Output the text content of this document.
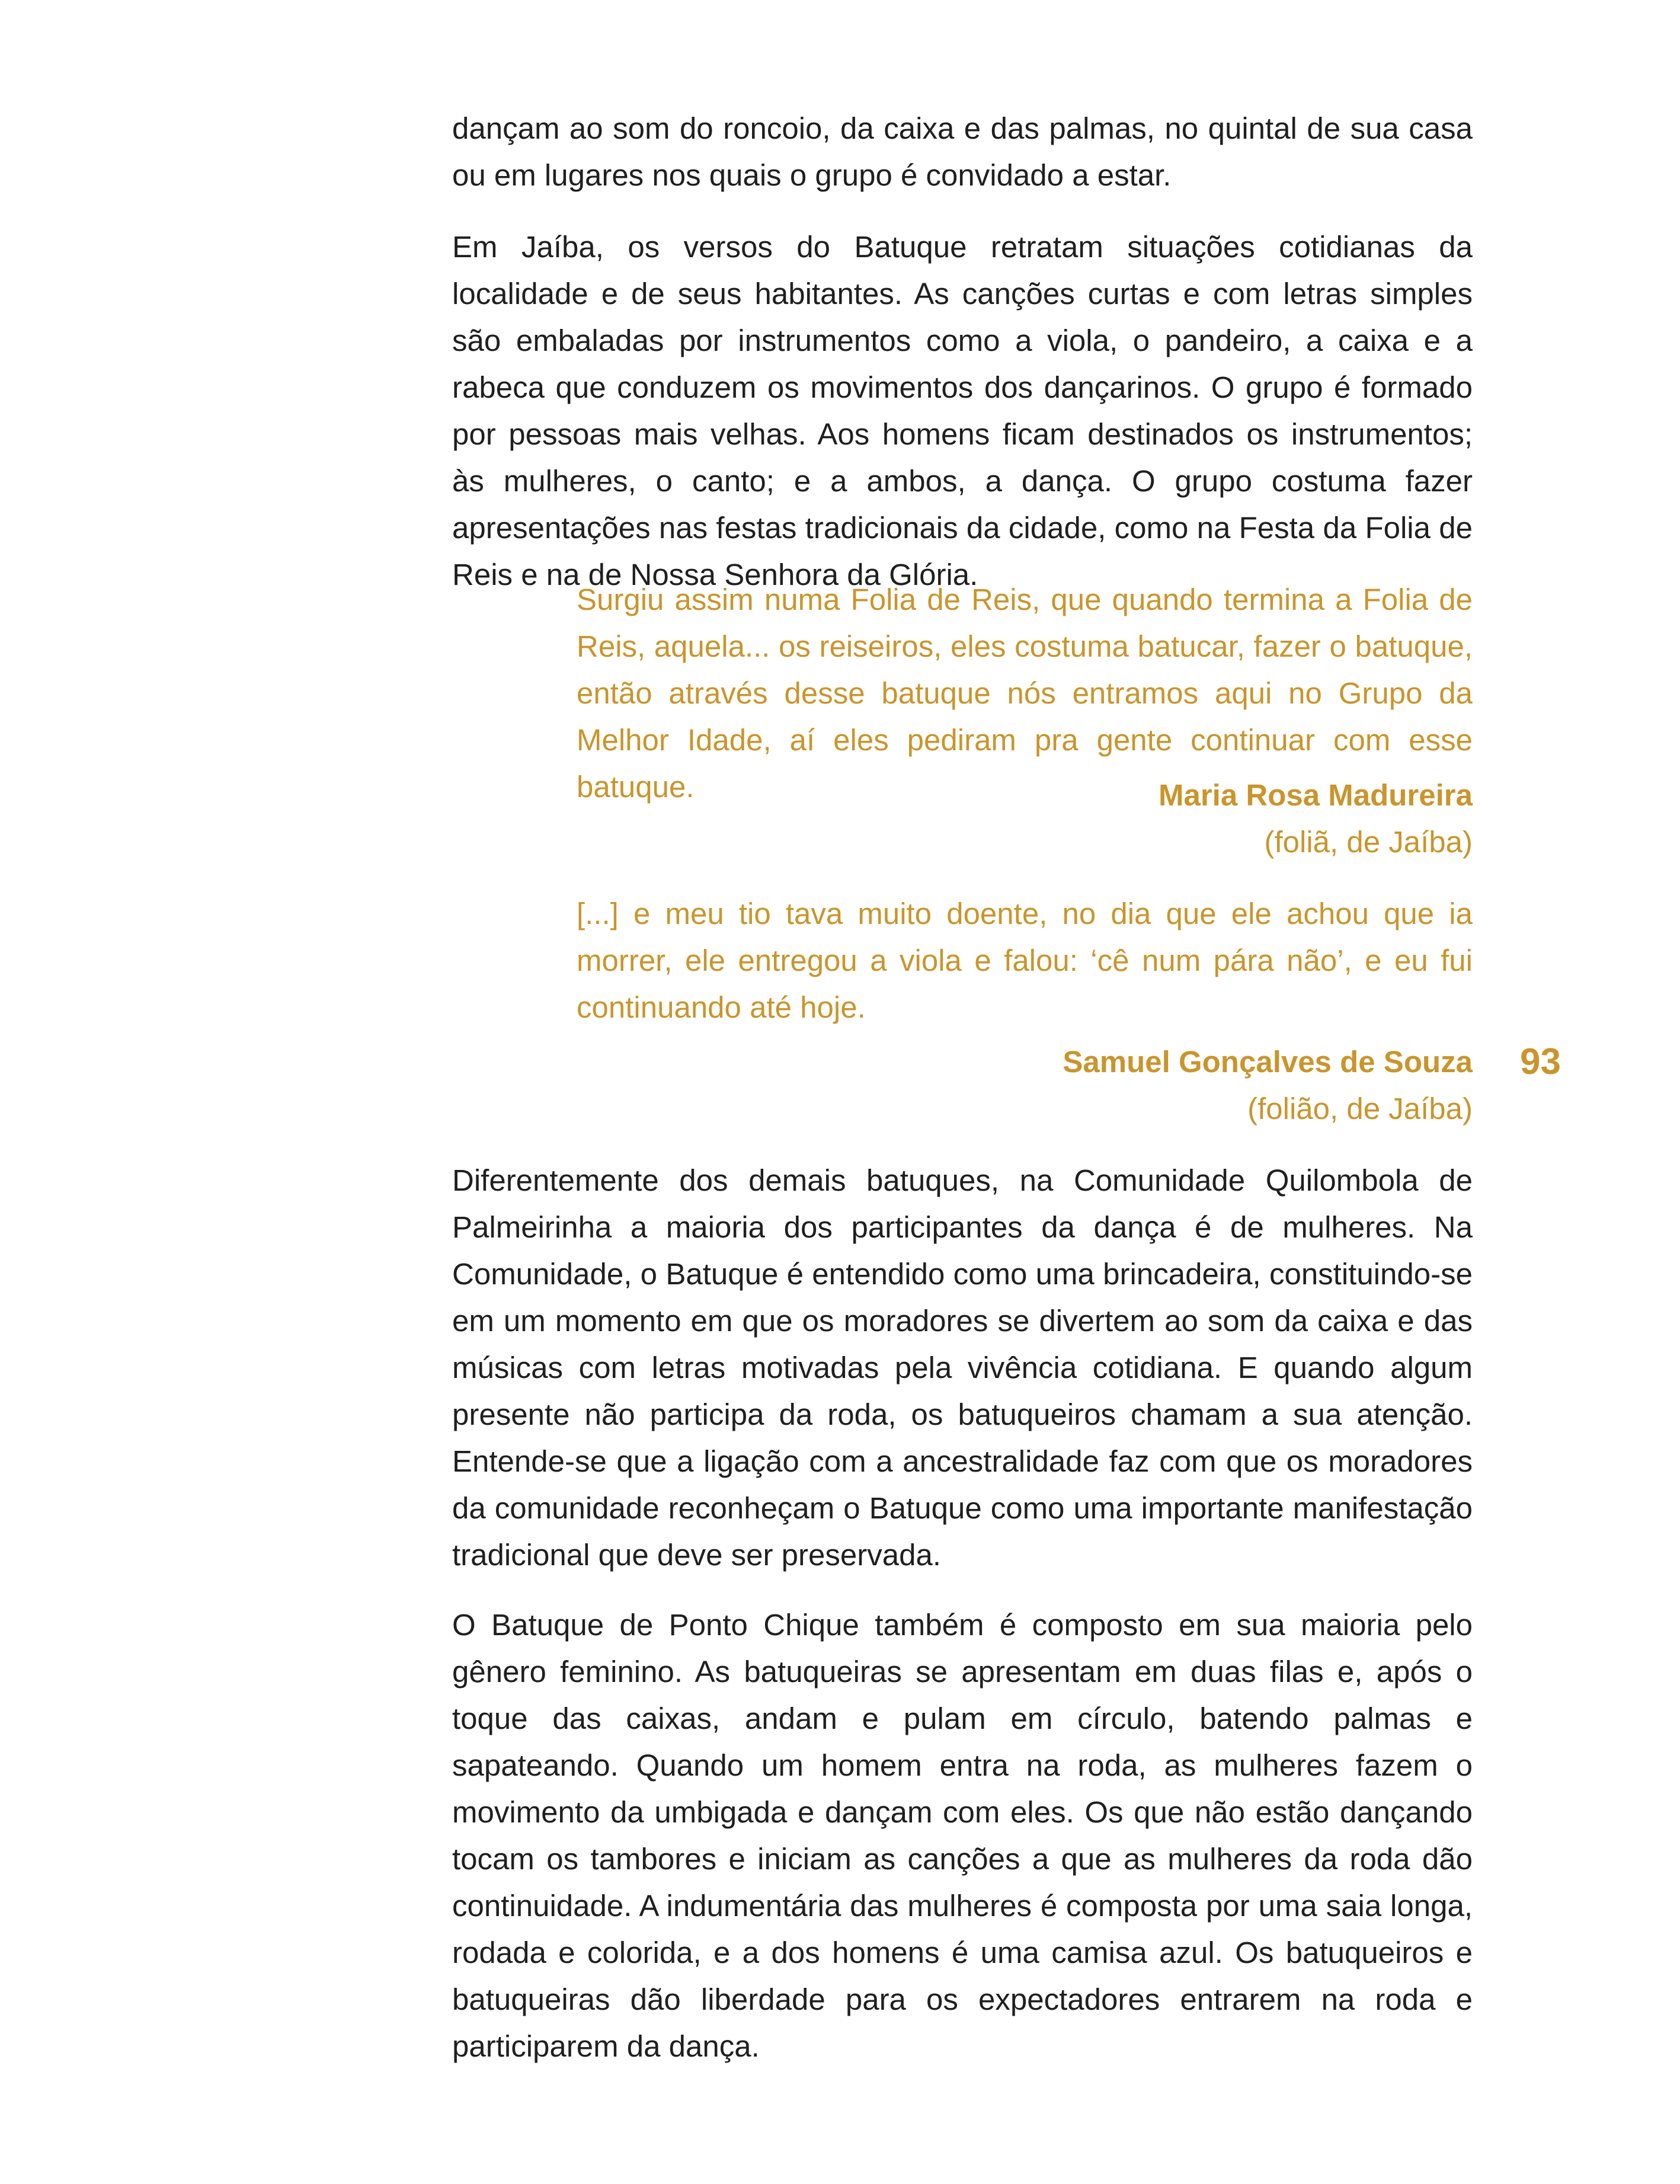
dançam ao som do roncoio, da caixa e das palmas, no quintal de sua casa ou em lugares nos quais o grupo é convidado a estar.

Em Jaíba, os versos do Batuque retratam situações cotidianas da localidade e de seus habitantes. As canções curtas e com letras simples são embaladas por instrumentos como a viola, o pandeiro, a caixa e a rabeca que conduzem os movimentos dos dançarinos. O grupo é formado por pessoas mais velhas. Aos homens ficam destinados os instrumentos; às mulheres, o canto; e a ambos, a dança. O grupo costuma fazer apresentações nas festas tradicionais da cidade, como na Festa da Folia de Reis e na de Nossa Senhora da Glória.

Surgiu assim numa Folia de Reis, que quando termina a Folia de Reis, aquela... os reiseiros, eles costuma batucar, fazer o batuque, então através desse batuque nós entramos aqui no Grupo da Melhor Idade, aí eles pediram pra gente continuar com esse batuque.	Maria Rosa Madureira
(foliã, de Jaíba)

[...] e meu tio tava muito doente, no dia que ele achou que ia morrer, ele entregou a viola e falou: ‘cê num pára não’, e eu fui continuando até hoje.

Samuel Gonçalves de Souza
(folião, de Jaíba)
93

Diferentemente dos demais batuques, na Comunidade Quilombola de Palmeirinha a maioria dos participantes da dança é de mulheres. Na Comunidade, o Batuque é entendido como uma brincadeira, constituindo-se em um momento em que os moradores se divertem ao som da caixa e das músicas com letras motivadas pela vivência cotidiana. E quando algum presente não participa da roda, os batuqueiros chamam a sua atenção. Entende-se que a ligação com a ancestralidade faz com que os moradores da comunidade reconheçam o Batuque como uma importante manifestação tradicional que deve ser preservada.

O Batuque de Ponto Chique também é composto em sua maioria pelo gênero feminino. As batuqueiras se apresentam em duas filas e, após o toque das caixas, andam e pulam em círculo, batendo palmas e sapateando. Quando um homem entra na roda, as mulheres fazem o movimento da umbigada e dançam com eles. Os que não estão dançando tocam os tambores e iniciam as canções a que as mulheres da roda dão continuidade. A indumentária das mulheres é composta por uma saia longa, rodada e colorida, e a dos homens é uma camisa azul. Os batuqueiros e batuqueiras dão liberdade para os expectadores entrarem na roda e participarem da dança.
